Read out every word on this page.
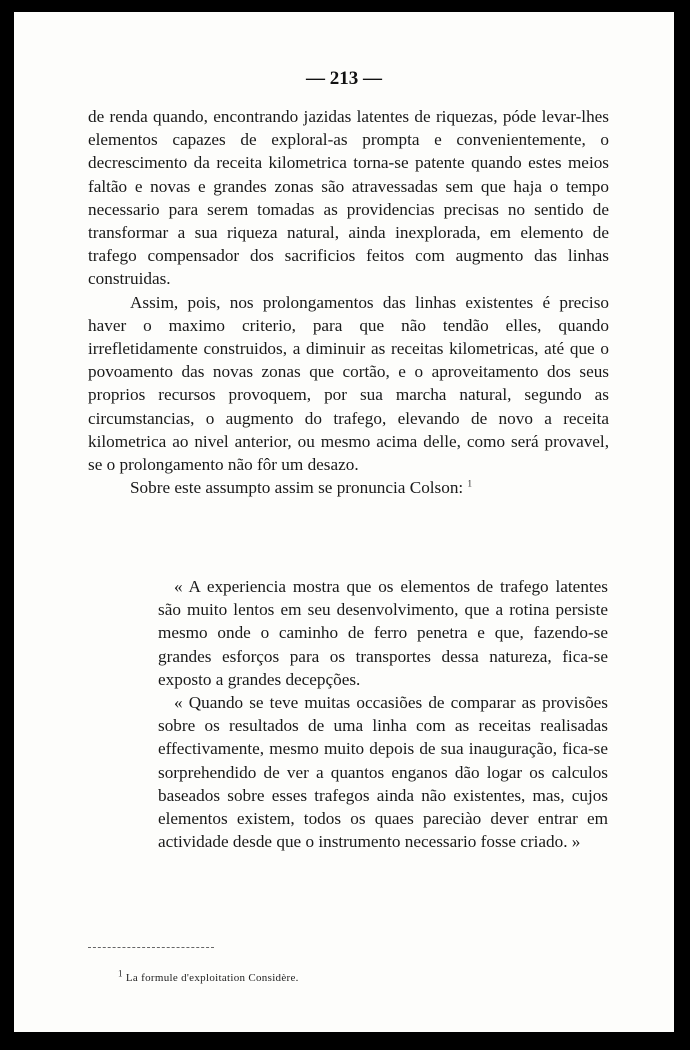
— 213 —

de renda quando, encontrando jazidas latentes de riquezas, póde levar-lhes elementos capazes de exploral-as prompta e convenientemente, o decrescimento da receita kilometrica torna-se patente quando estes meios faltão e novas e grandes zonas são atravessadas sem que haja o tempo necessario para serem tomadas as providencias precisas no sentido de transformar a sua riqueza natural, ainda inexplorada, em elemento de trafego compensador dos sacrificios feitos com augmento das linhas construidas.

Assim, pois, nos prolongamentos das linhas existentes é preciso haver o maximo criterio, para que não tendão elles, quando irrefletidamente construidos, a diminuir as receitas kilometricas, até que o povoamento das novas zonas que cortão, e o aproveitamento dos seus proprios recursos provoquem, por sua marcha natural, segundo as circumstancias, o augmento do trafego, elevando de novo a receita kilometrica ao nivel anterior, ou mesmo acima delle, como será provavel, se o prolongamento não fôr um desazo.

Sobre este assumpto assim se pronuncia Colson: $^1$

« A experiencia mostra que os elementos de trafego latentes são muito lentos em seu desenvolvimento, que a rotina persiste mesmo onde o caminho de ferro penetra e que, fazendo-se grandes esforços para os transportes dessa natureza, fica-se exposto a grandes decepções.

« Quando se teve muitas occasiões de comparar as provisões sobre os resultados de uma linha com as receitas realisadas effectivamente, mesmo muito depois de sua inauguração, fica-se sorprehendido de ver a quantos enganos dão logar os calculos baseados sobre esses trafegos ainda não existentes, mas, cujos elementos existem, todos os quaes pareciào dever entrar em actividade desde que o instrumento necessario fosse criado. »

$^1$ La formule d'exploitation Considère.
